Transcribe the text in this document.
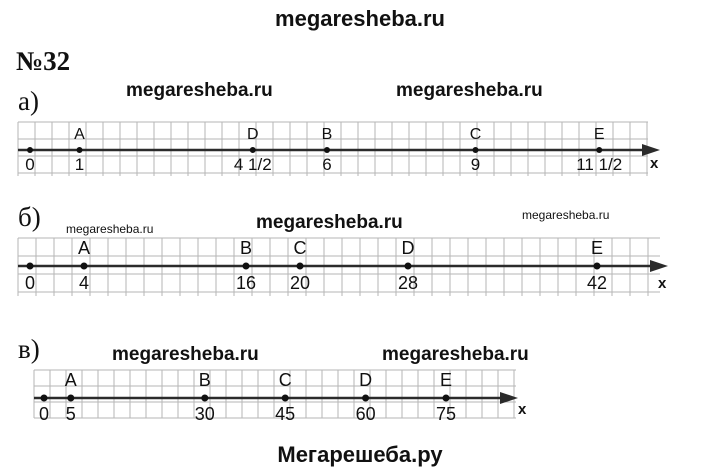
megaresheba.ru
№32
а)	megaresheba.ru	megaresheba.ru
б) megaresheba.ru	megaresheba.ru	megaresheba.ru
в)	megaresheba.ru	megaresheba.ru
Мегарешеба.ру
x
0
A
1
D
4 1/2
B
6
C
9
E
11 1/2
x
0
A
4
B
16
C
20
D
28
E
42
x
0
A
5
B
30
C
45
D
60
E
75
